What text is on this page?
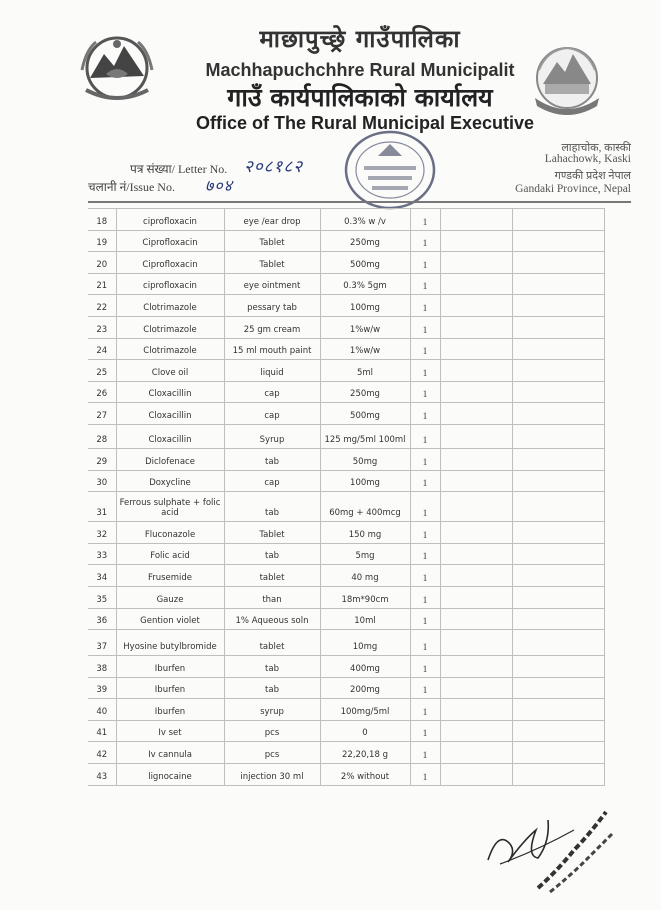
माछापुच्छ्रे गाउँपालिका
Machhapuchchhre Rural Municipalit
गाउँ कार्यपालिकाको कार्यालय
Office of The Rural Municipal Executive
लाहाचोक, कास्की
Lahachowk, Kaski
गण्डकी प्रदेश नेपाल
Gandaki Province, Nepal
पत्र संख्या/ Letter No. २०८१८२
चलानी नं/Issue No. ७०४
18	ciprofloxacin	eye /ear drop	0.3% w /v	1		
19	Ciprofloxacin	Tablet	250mg	1		
20	Ciprofloxacin	Tablet	500mg	1		
21	ciprofloxacin	eye ointment	0.3% 5gm	1		
22	Clotrimazole	pessary tab	100mg	1		
23	Clotrimazole	25 gm cream	1%w/w	1		
24	Clotrimazole	15 ml mouth paint	1%w/w	1		
25	Clove oil	liquid	5ml	1		
26	Cloxacillin	cap	250mg	1		
27	Cloxacillin	cap	500mg	1		
28	Cloxacillin	Syrup	125 mg/5ml 100ml	1		
29	Diclofenace	tab	50mg	1		
30	Doxycline	cap	100mg	1		
31	Ferrous sulphate + folic acid	tab	60mg + 400mcg	1		
32	Fluconazole	Tablet	150 mg	1		
33	Folic acid	tab	5mg	1		
34	Frusemide	tablet	40 mg	1		
35	Gauze	than	18m*90cm	1		
36	Gention violet	1% Aqueous soln	10ml	1		
37	Hyosine butylbromide	tablet	10mg	1		
38	Iburfen	tab	400mg	1		
39	Iburfen	tab	200mg	1		
40	Iburfen	syrup	100mg/5ml	1		
41	Iv set	pcs	0	1		
42	Iv cannula	pcs	22,20,18 g	1		
43	lignocaine	injection 30 ml	2% without	1		
